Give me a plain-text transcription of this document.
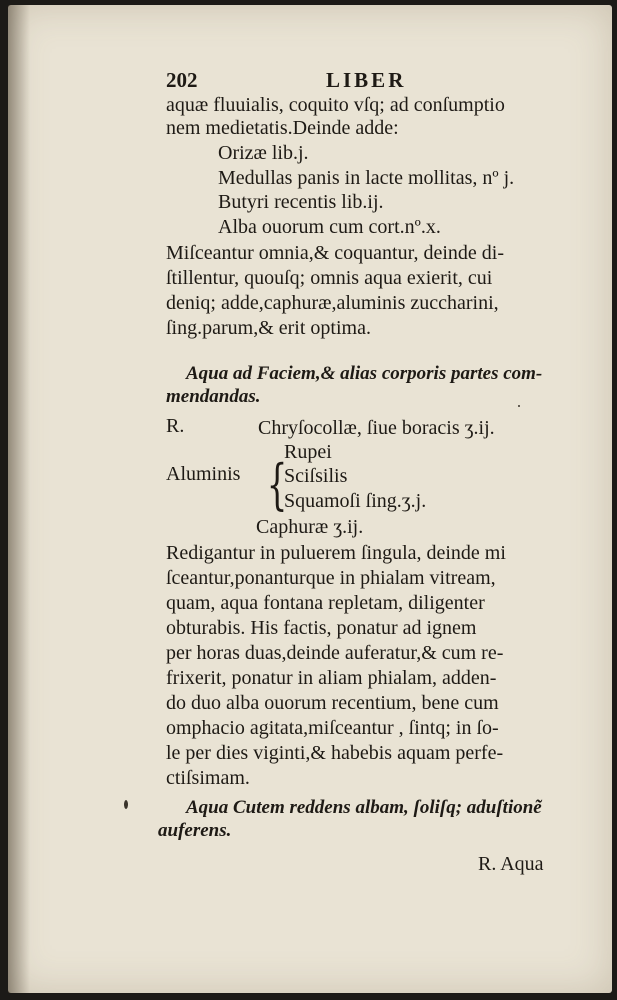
202	LIBER
aquæ fluuialis, coquito vſq; ad conſumptio
nem medietatis.Deinde adde:
Orizæ lib.j.
Medullas panis in lacte mollitas, nº j.
Butyri recentis lib.ij.
Alba ouorum cum cort.nº.x.
Miſceantur omnia,& coquantur, deinde di-
ſtillentur, quouſq; omnis aqua exierit, cui
deniq; adde,caphuræ,aluminis zuccharini,
ſing.parum,& erit optima.
Aqua ad Faciem,& alias corporis partes com-
mendandas.
R.	Chryſocollæ, ſiue boracis ʒ.ij.
{
Aluminis
Rupei
Sciſsilis
Squamoſi ſing.ʒ.j.
Caphuræ ʒ.ij.
Redigantur in puluerem ſingula, deinde mi
ſceantur,ponanturque in phialam vitream,
quam, aqua fontana repletam, diligenter
obturabis. His factis, ponatur ad ignem
per horas duas,deinde auferatur,& cum re-
frixerit, ponatur in aliam phialam, adden-
do duo alba ouorum recentium, bene cum
omphacio agitata,miſceantur , ſintq; in ſo-
le per dies viginti,& habebis aquam perfe-
ctiſsimam.
Aqua Cutem reddens albam, ſoliſq; aduſtionẽ
auferens.
R. Aqua
